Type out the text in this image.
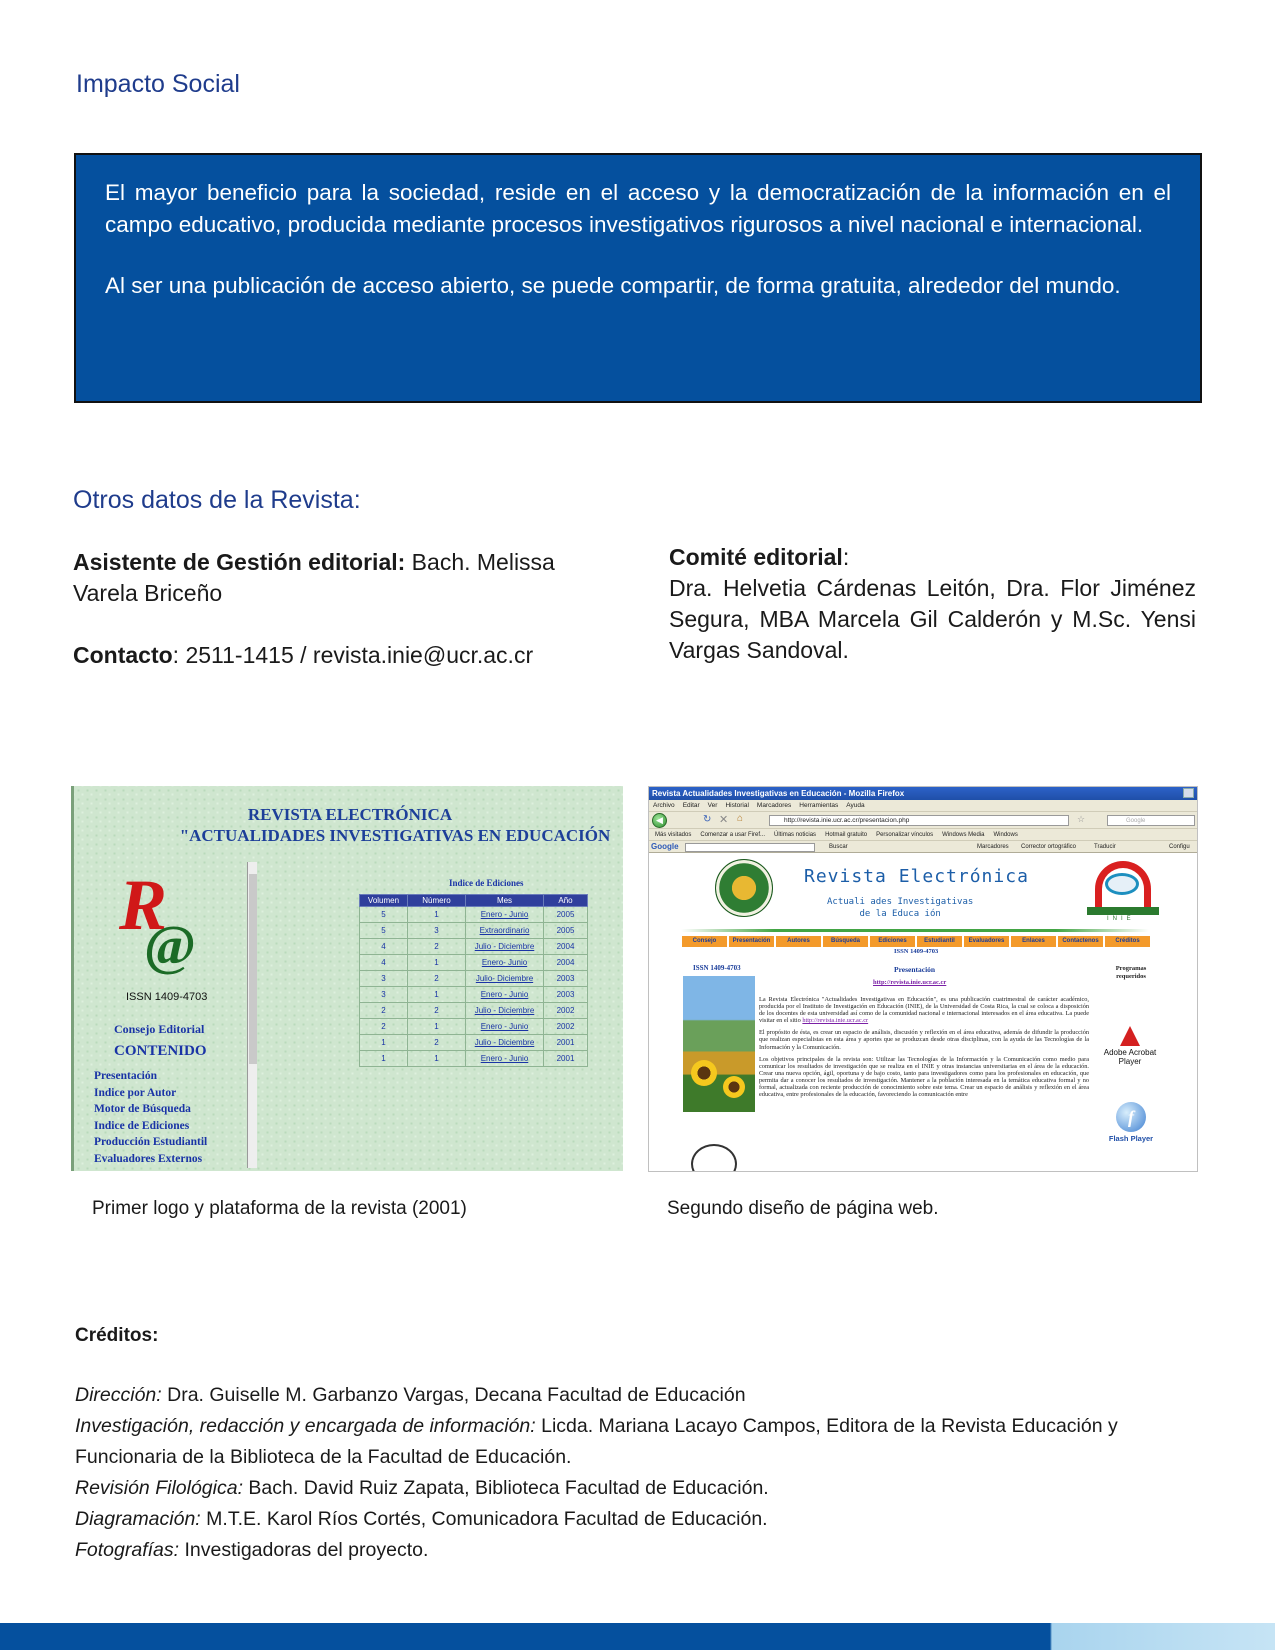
Impacto Social

El mayor beneficio para la sociedad, reside en el acceso y la democratización de la información en el campo educativo, producida mediante procesos investigativos rigurosos a nivel nacional e internacional.

Al ser una publicación de acceso abierto, se puede compartir, de forma gratuita, alrededor del mundo.

Otros datos de la Revista:
Asistente de Gestión editorial: Bach. Melissa Varela Briceño
Contacto: 2511-1415 / revista.inie@ucr.ac.cr
Comité editorial:
Dra. Helvetia Cárdenas Leitón, Dra. Flor Jiménez Segura, MBA Marcela Gil Calderón y M.Sc. Yensi Vargas Sandoval.
REVISTA ELECTRÓNICA
"ACTUALIDADES INVESTIGATIVAS EN EDUCACIÓN
R
@
ISSN 1409-4703
Consejo Editorial
CONTENIDO
Presentación
Indice por Autor
Motor de Búsqueda
Indice de Ediciones
Producción Estudiantil
Evaluadores Externos
Indice de Ediciones
Volumen	Número	Mes	Año
5	1	Enero - Junio	2005
5	3	Extraordinario	2005
4	2	Julio - Diciembre	2004
4	1	Enero- Junio	2004
3	2	Julio- Diciembre	2003
3	1	Enero - Junio	2003
2	2	Julio - Diciembre	2002
2	1	Enero - Junio	2002
1	2	Julio - Diciembre	2001
1	1	Enero - Junio	2001
Primer logo y plataforma de la revista (2001)
Revista Actualidades Investigativas en Educación - Mozilla Firefox
Archivo Editar Ver Historial Marcadores Herramientas Ayuda
◀	↻ ✕ ⌂	http://revista.inie.ucr.ac.cr/presentacion.php	☆	Google
Más visitados Comenzar a usar Firef... Últimas noticias Hotmail gratuito Personalizar vínculos Windows Media Windows
Google	Buscar	Marcadores Corrector ortográfico	Traducir	Configu
Revista Electrónica
Actuali ades Investigativas
de la Educa ión	INIE
Consejo	Presentación	Autores	Búsqueda	Ediciones	Estudiantil	Evaluadores	Enlaces	Contactenos	Créditos
ISSN 1409-4703
ISSN 1409-4703	Presentación
http://revista.inie.ucr.ac.cr

La Revista Electrónica "Actualidades Investigativas en Educación", es una publicación cuatrimestral de carácter académico, producida por el Instituto de Investigación en Educación (INIE), de la Universidad de Costa Rica, la cual se coloca a disposición de los docentes de esta universidad así como de la comunidad nacional e internacional interesados en el área educativa. La puede visitar en el sitio http://revista.inie.ucr.ac.cr

El propósito de ésta, es crear un espacio de análisis, discusión y reflexión en el área educativa, además de difundir la producción que realizan especialistas en esta área y aportes que se produzcan desde otras disciplinas, con la ayuda de las Tecnologías de la Información y la Comunicación.

Los objetivos principales de la revista son: Utilizar las Tecnologías de la Información y la Comunicación como medio para comunicar los resultados de investigación que se realiza en el INIE y otras instancias universitarias en el área de la educación. Crear una nueva opción, ágil, oportuna y de bajo costo, tanto para investigadores como para los profesionales en educación, que permita dar a conocer los resultados de investigación. Mantener a la población interesada en la temática educativa formal y no formal, actualizada con reciente producción de conocimiento sobre este tema. Crear un espacio de análisis y reflexión en el área educativa, entre profesionales de la educación, favoreciendo la comunicación entre

Programas requeridos
Adobe Acrobat Player
f
Flash Player
Segundo diseño de página web.
Créditos:
Dirección: Dra. Guiselle M. Garbanzo Vargas, Decana Facultad de Educación
Investigación, redacción y encargada de información: Licda. Mariana Lacayo Campos, Editora de la Revista Educación y Funcionaria de la Biblioteca de la Facultad de Educación.
Revisión Filológica: Bach. David Ruiz Zapata, Biblioteca Facultad de Educación.
Diagramación: M.T.E. Karol Ríos Cortés, Comunicadora Facultad de Educación.
Fotografías: Investigadoras del proyecto.
